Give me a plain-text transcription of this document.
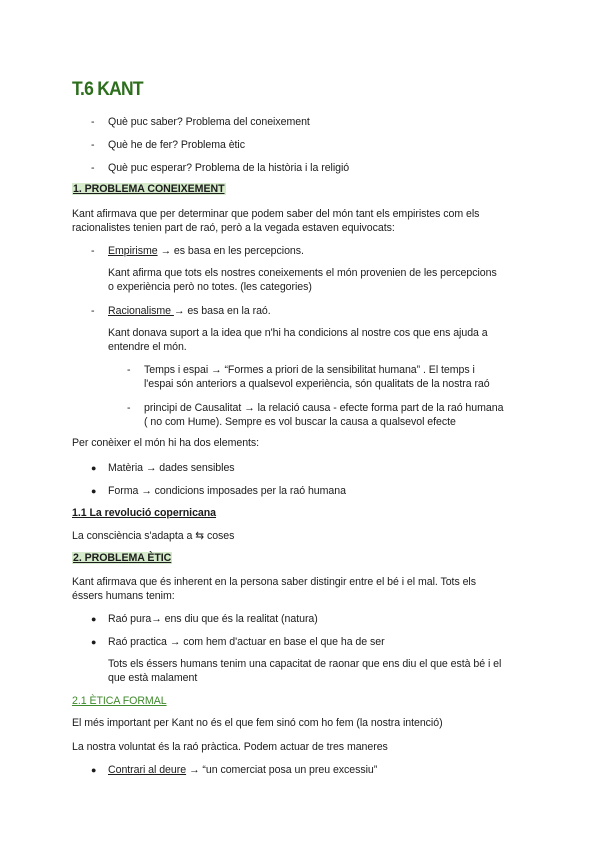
T.6 KANT
- Què puc saber? Problema del coneixement
- Què he de fer? Problema ètic
- Què puc esperar? Problema de la història i la religió
1. PROBLEMA CONEIXEMENT
Kant afirmava que per determinar que podem saber del món tant els empiristes com els
racionalistes tenien part de raó, però a la vegada estaven equivocats:
- Empirisme → es basa en les percepcions.
Kant afirma que tots els nostres coneixements el món provenien de les percepcions
o experiència però no totes. (les categories)
- Racionalisme → es basa en la raó.
Kant donava suport a la idea que n'hi ha condicions al nostre cos que ens ajuda a
entendre el món.
- Temps i espai → “Formes a priori de la sensibilitat humana” . El temps i
l'espai són anteriors a qualsevol experiència, són qualitats de la nostra raó
- principi de Causalitat → la relació causa - efecte forma part de la raó humana
( no com Hume). Sempre es vol buscar la causa a qualsevol efecte
Per conèixer el món hi ha dos elements:
● Matèria → dades sensibles
● Forma → condicions imposades per la raó humana
1.1 La revolució copernicana
La consciència s'adapta a ⇆ coses
2. PROBLEMA ÈTIC
Kant afirmava que és inherent en la persona saber distingir entre el bé i el mal. Tots els
éssers humans tenim:
● Raó pura→ ens diu que és la realitat (natura)
● Raó practica → com hem d'actuar en base el que ha de ser
Tots els éssers humans tenim una capacitat de raonar que ens diu el que està bé i el
que està malament
2.1 ÈTICA FORMAL
El més important per Kant no és el que fem sinó com ho fem (la nostra intenció)
La nostra voluntat és la raó pràctica. Podem actuar de tres maneres
● Contrari al deure → “un comerciat posa un preu excessiu”
